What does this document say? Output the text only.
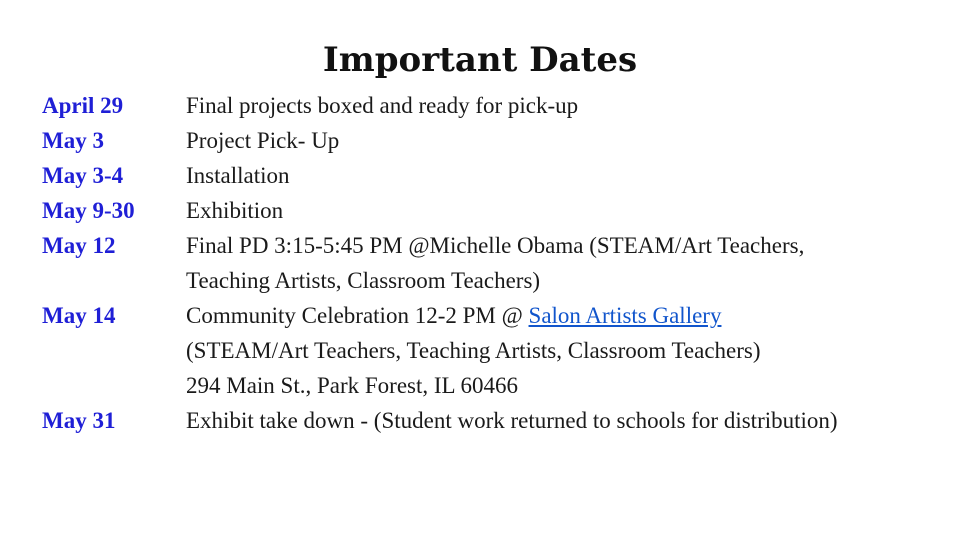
Important Dates
April 29	Final projects boxed and ready for pick-up
May 3	Project Pick- Up
May 3-4	Installation
May 9-30	Exhibition
May 12	Final PD 3:15-5:45 PM @Michelle Obama (STEAM/Art Teachers,
Teaching Artists, Classroom Teachers)
May 14	Community Celebration 12-2 PM @ Salon Artists Gallery
(STEAM/Art Teachers, Teaching Artists, Classroom Teachers)
294 Main St., Park Forest, IL 60466
May 31	Exhibit take down - (Student work returned to schools for distribution)
